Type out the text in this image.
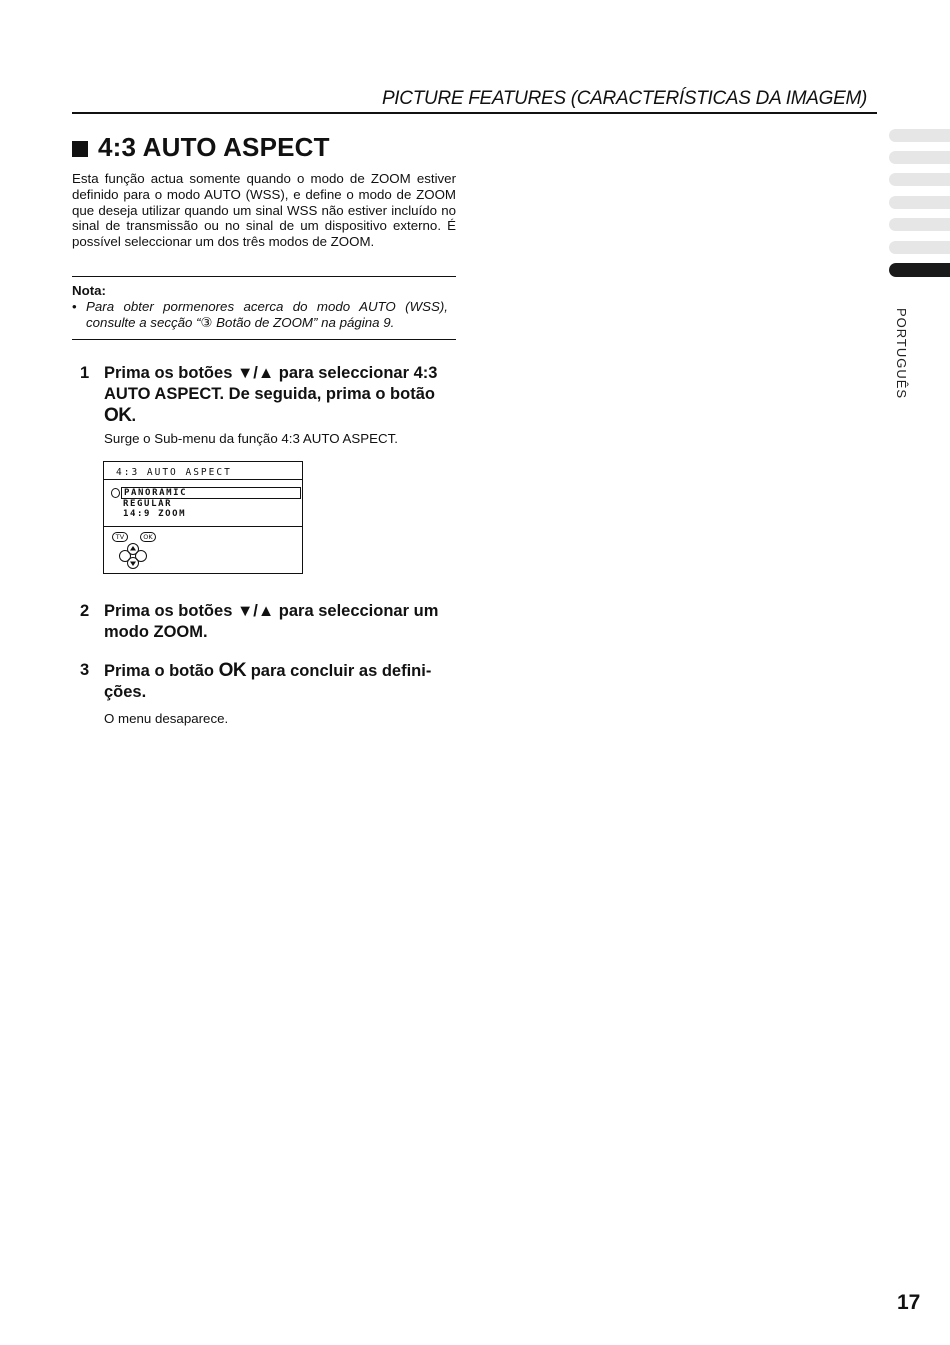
PICTURE FEATURES (CARACTERÍSTICAS DA IMAGEM)
PORTUGUÊS
4:3 AUTO ASPECT
Esta função actua somente quando o modo de ZOOM estiver definido para o modo AUTO (WSS), e define o modo de ZOOM que deseja utilizar quando um sinal WSS não estiver incluído no sinal de transmissão ou no sinal de um dispositivo externo. É possível seleccionar um dos três modos de ZOOM.
Nota:
• Para obter pormenores acerca do modo AUTO (WSS), consulte a secção “③ Botão de ZOOM” na página 9.
1 Prima os botões ▼/▲ para seleccionar 4:3 AUTO ASPECT. De seguida, prima o botão OK.
Surge o Sub-menu da função 4:3 AUTO ASPECT.
4:3 AUTO ASPECT
PANORAMIC
REGULAR
14:9 ZOOM
TV	OK
2 Prima os botões ▼/▲ para seleccionar um modo ZOOM.
3 Prima o botão OK para concluir as defini-ções.
O menu desaparece.
17
